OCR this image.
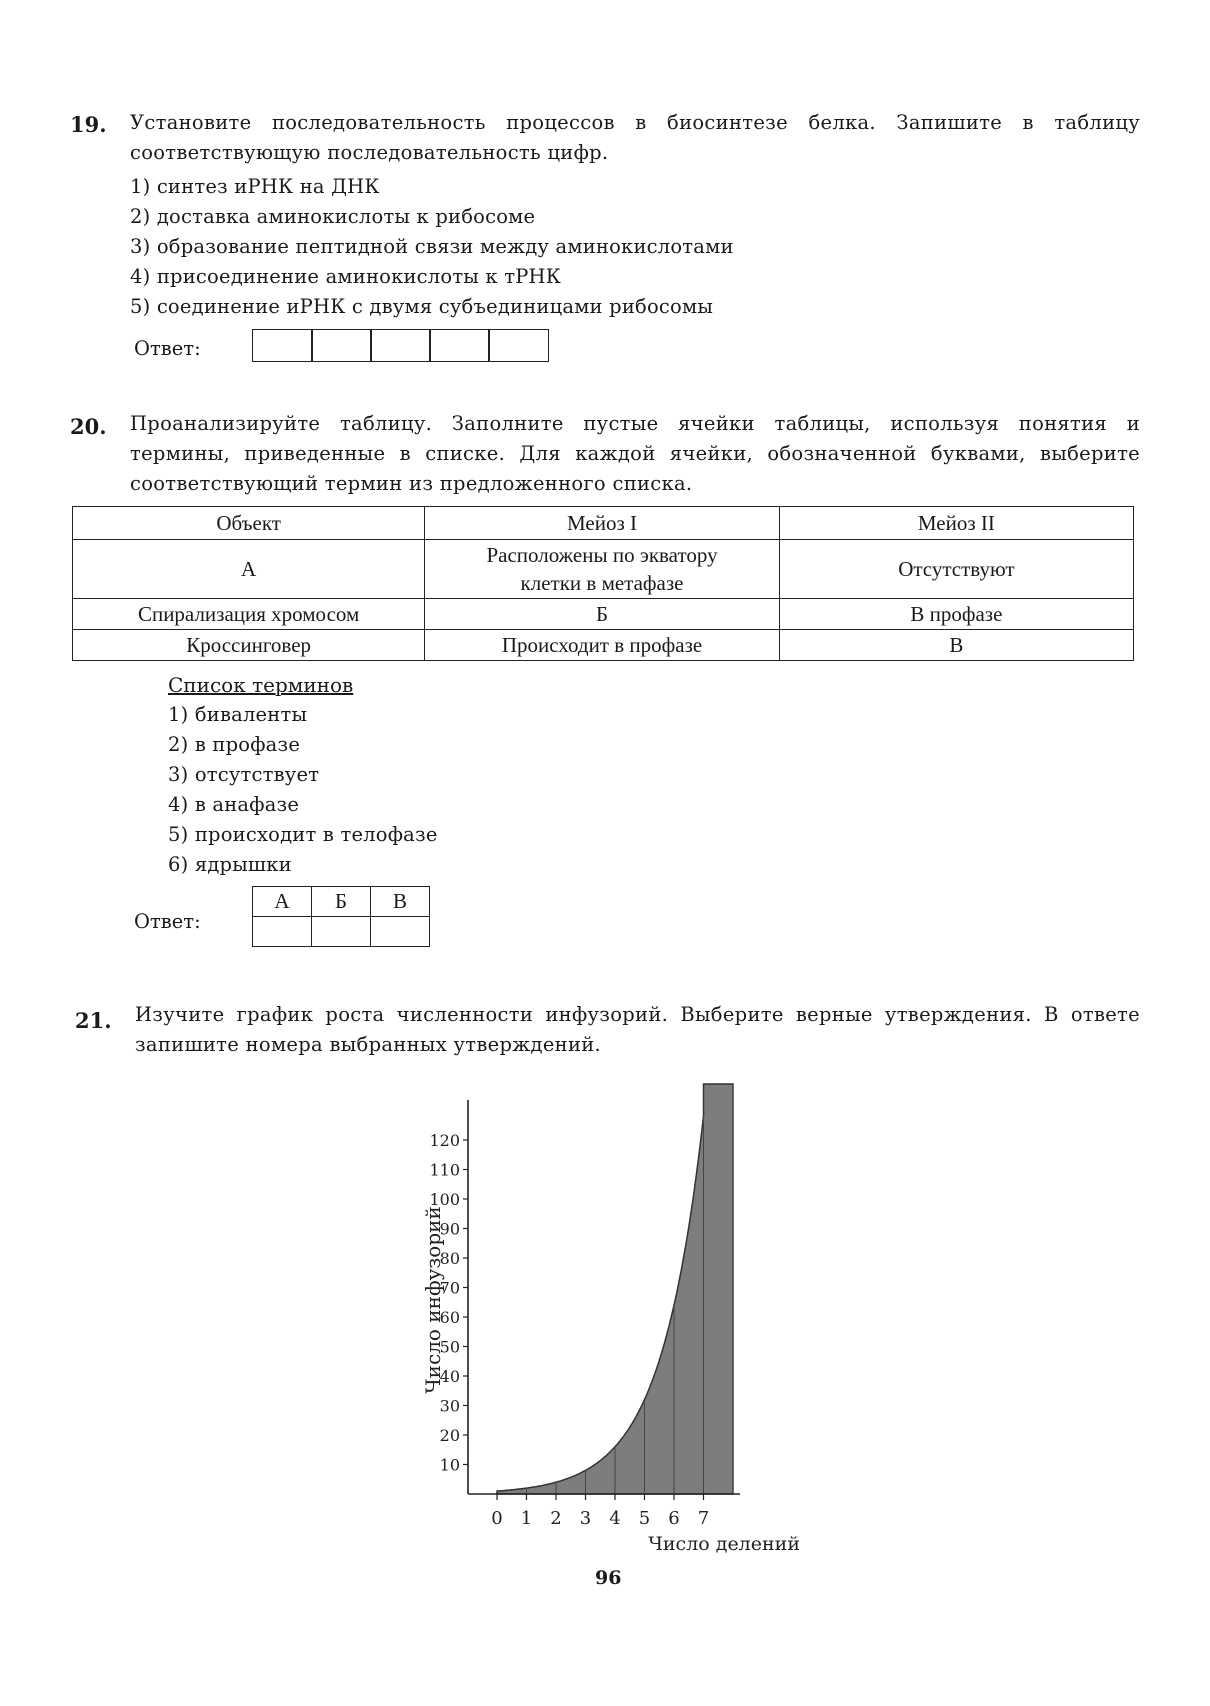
19. Установите последовательность процессов в биосинтезе белка. Запишите в таблицу соответствующую последовательность цифр.
1) синтез иРНК на ДНК
2) доставка аминокислоты к рибосоме
3) образование пептидной связи между аминокислотами
4) присоединение аминокислоты к тРНК
5) соединение иРНК с двумя субъединицами рибосомы
Ответ:
20. Проанализируйте таблицу. Заполните пустые ячейки таблицы, используя понятия и термины, приведенные в списке. Для каждой ячейки, обозначенной буквами, выберите соответствующий термин из предложенного списка.
Объект	Мейоз I	Мейоз II
А	Расположены по экватору клетки в метафазе	Отсутствуют
Спирализация хромосом	Б	В профазе
Кроссинговер	Происходит в профазе	В
Список терминов
1) биваленты
2) в профазе
3) отсутствует
4) в анафазе
5) происходит в телофазе
6) ядрышки
Ответ:
А	Б	В

21. Изучите график роста численности инфузорий. Выберите верные утверждения. В ответе запишите номера выбранных утверждений.
10
20
30
40
50
60
70
80
90
100
110
120
0 1 2 3 4 5 6 7
Число делений
Число инфузорий
96
